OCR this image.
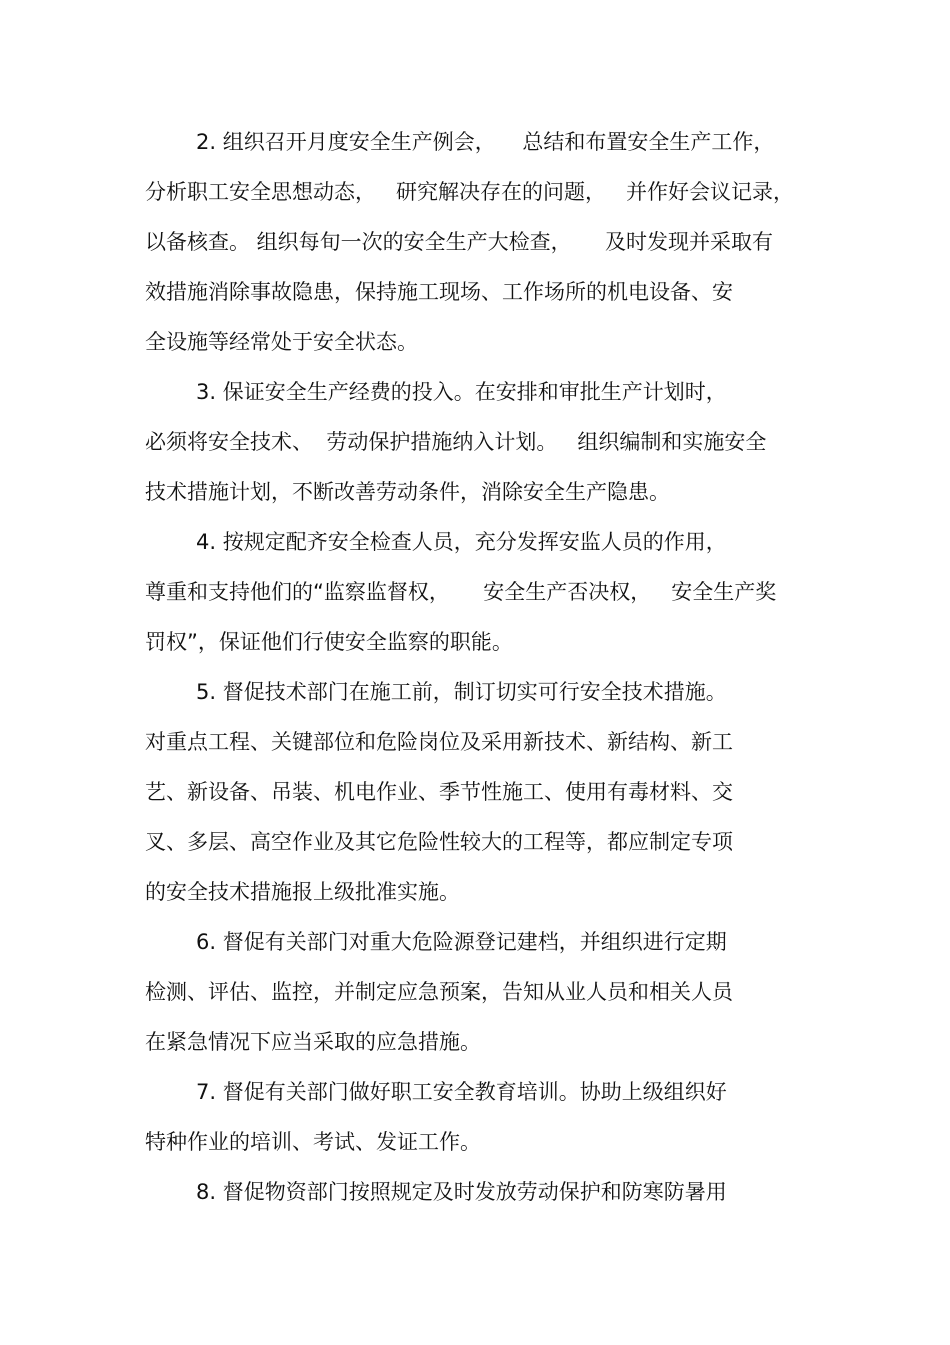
2. 组织召开月度安全生产例会，    总结和布置安全生产工作，
分析职工安全思想动态，   研究解决存在的问题，   并作好会议记录，
以备核查。 组织每旬一次的安全生产大检查，     及时发现并采取有
效措施消除事故隐患，保持施工现场、工作场所的机电设备、安
全设施等经常处于安全状态。
3. 保证安全生产经费的投入。在安排和审批生产计划时，
必须将安全技术、  劳动保护措施纳入计划。   组织编制和实施安全
技术措施计划，不断改善劳动条件，消除安全生产隐患。
4. 按规定配齐安全检查人员，充分发挥安监人员的作用，
尊重和支持他们的“监察监督权，     安全生产否决权，   安全生产奖
罚权”，保证他们行使安全监察的职能。
5. 督促技术部门在施工前，制订切实可行安全技术措施。
对重点工程、关键部位和危险岗位及采用新技术、新结构、新工
艺、新设备、吊装、机电作业、季节性施工、使用有毒材料、交
叉、多层、高空作业及其它危险性较大的工程等，都应制定专项
的安全技术措施报上级批准实施。
6. 督促有关部门对重大危险源登记建档，并组织进行定期
检测、评估、监控，并制定应急预案，告知从业人员和相关人员
在紧急情况下应当采取的应急措施。
7. 督促有关部门做好职工安全教育培训。协助上级组织好
特种作业的培训、考试、发证工作。
8. 督促物资部门按照规定及时发放劳动保护和防寒防暑用
